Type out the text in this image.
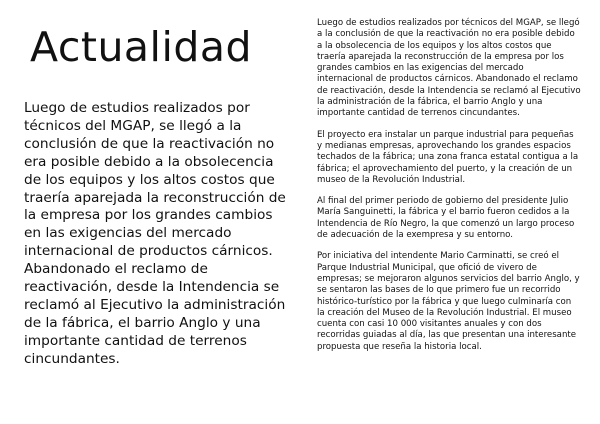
Actualidad

Luego de estudios realizados por técnicos del MGAP, se llegó a la conclusión de que la reactivación no era posible debido a la obsolecencia de los equipos y los altos costos que traería aparejada la reconstrucción de la empresa por los grandes cambios en las exigencias del mercado internacional de productos cárnicos. Abandonado el reclamo de reactivación, desde la Intendencia se reclamó al Ejecutivo la administración de la fábrica, el barrio Anglo y una importante cantidad de terrenos cincundantes.

Luego de estudios realizados por técnicos del MGAP, se llegó a la conclusión de que la reactivación no era posible debido a la obsolecencia de los equipos y los altos costos que traería aparejada la reconstrucción de la empresa por los grandes cambios en las exigencias del mercado internacional de productos cárnicos. Abandonado el reclamo de reactivación, desde la Intendencia se reclamó al Ejecutivo la administración de la fábrica, el barrio Anglo y una importante cantidad de terrenos cincundantes.

El proyecto era instalar un parque industrial para pequeñas y medianas empresas, aprovechando los grandes espacios techados de la fábrica; una zona franca estatal contigua a la fábrica; el aprovechamiento del puerto, y la creación de un museo de la Revolución Industrial.

Al final del primer periodo de gobierno del presidente Julio María Sanguinetti, la fábrica y el barrio fueron cedidos a la Intendencia de Río Negro, la que comenzó un largo proceso de adecuación de la exempresa y su entorno.

Por iniciativa del intendente Mario Carminatti, se creó el Parque Industrial Municipal, que ofició de vivero de empresas; se mejoraron algunos servicios del barrio Anglo, y se sentaron las bases de lo que primero fue un recorrido histórico-turístico por la fábrica y que luego culminaría con la creación del Museo de la Revolución Industrial. El museo cuenta con casi 10 000 visitantes anuales y con dos recorridas guiadas al día, las que presentan una interesante propuesta que reseña la historia local.
